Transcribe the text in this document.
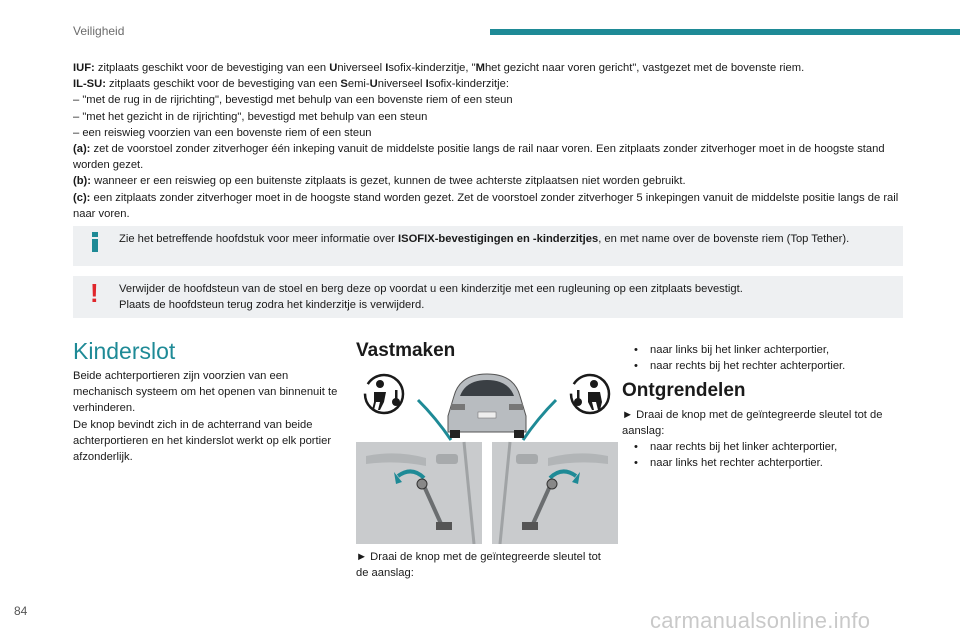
Veiligheid
IUF: zitplaats geschikt voor de bevestiging van een Universeel Isofix-kinderzitje, "Mhet gezicht naar voren gericht", vastgezet met de bovenste riem.
IL-SU: zitplaats geschikt voor de bevestiging van een Semi-Universeel Isofix-kinderzitje:
– "met de rug in de rijrichting", bevestigd met behulp van een bovenste riem of een steun
– "met het gezicht in de rijrichting", bevestigd met behulp van een steun
– een reiswieg voorzien van een bovenste riem of een steun
(a): zet de voorstoel zonder zitverhoger één inkeping vanuit de middelste positie langs de rail naar voren. Een zitplaats zonder zitverhoger moet in de hoogste stand worden gezet.
(b): wanneer er een reiswieg op een buitenste zitplaats is gezet, kunnen de twee achterste zitplaatsen niet worden gebruikt.
(c): een zitplaats zonder zitverhoger moet in de hoogste stand worden gezet. Zet de voorstoel zonder zitverhoger 5 inkepingen vanuit de middelste positie langs de rail naar voren.
Zie het betreffende hoofdstuk voor meer informatie over ISOFIX-bevestigingen en -kinderzitjes, en met name over de bovenste riem (Top Tether).
! Verwijder de hoofdsteun van de stoel en berg deze op voordat u een kinderzitje met een rugleuning op een zitplaats bevestigt.
Plaats de hoofdsteun terug zodra het kinderzitje is verwijderd.
Kinderslot

Beide achterportieren zijn voorzien van een mechanisch systeem om het openen van binnenuit te verhinderen.
De knop bevindt zich in de achterrand van beide achterportieren en het kinderslot werkt op elk portier afzonderlijk.

Vastmaken

► Draai de knop met de geïntegreerde sleutel tot de aanslag:

• naar links bij het linker achterportier,
• naar rechts bij het rechter achterportier.
Ontgrendelen

► Draai de knop met de geïntegreerde sleutel tot de aanslag:

• naar rechts bij het linker achterportier,
• naar links het rechter achterportier.
84	carmanualsonline.info
